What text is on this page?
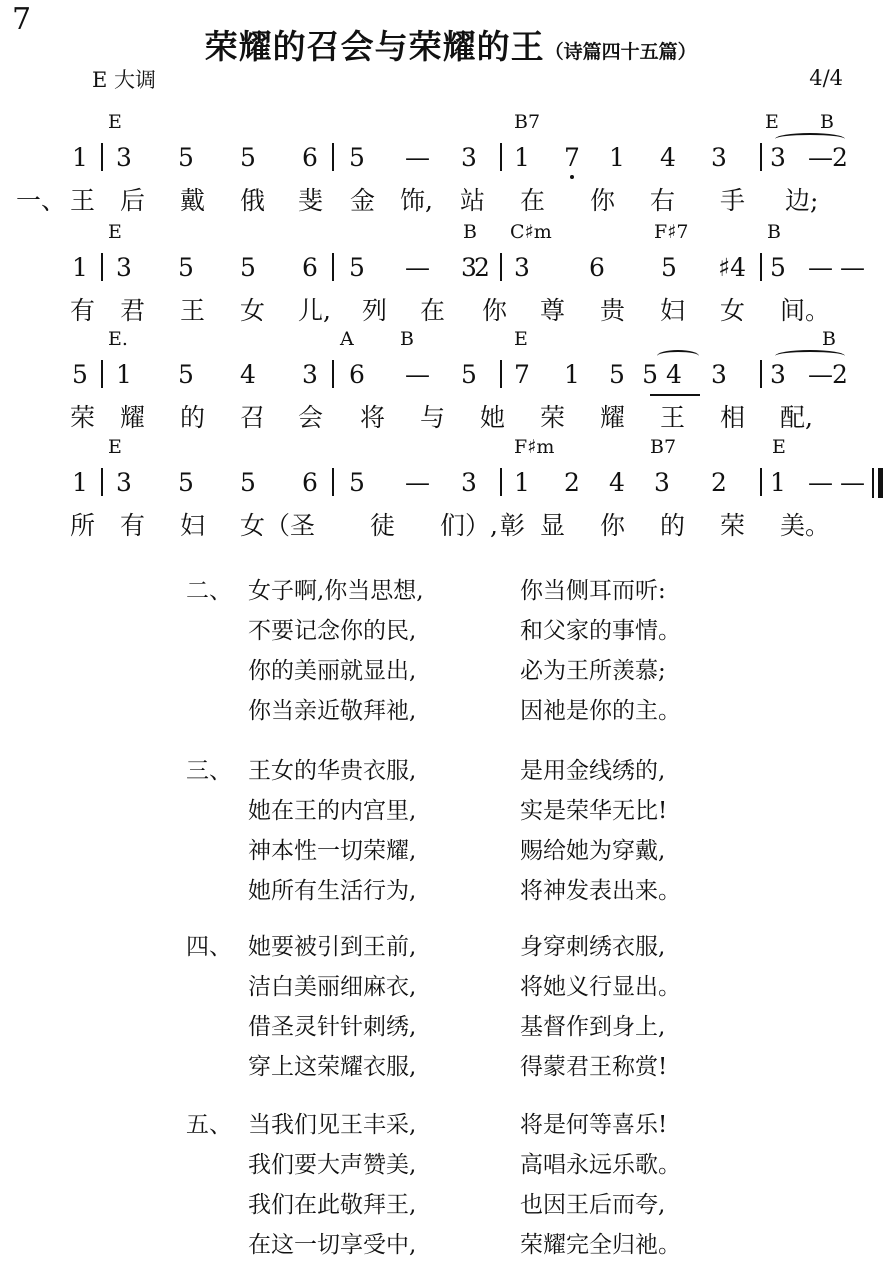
7

荣耀的召会与荣耀的王（诗篇四十五篇）

E 大调	4/4
E	B7	E B
1 3 5 5 6 5 — 3 1 7 1 4 3 3 — 2
一、 王 后 戴 俄 斐 金 饰, 站 在 你 右 手 边;
E	B C♯m	F♯7	B
1 3 5 5 6 5 — 3
2 3 6 5	♯4 5 — —
有 君 王 女 儿, 列 在 你 尊 贵 妇 女 间。
E.	A B	E	B
5 1 5 4 3 6 — 5 7 1 5 5 4 3 3 — 2
荣 耀 的 召 会 将 与 她 荣 耀 王 相 配,
E	F♯m	B7	E
1 3 5 5 6 5 — 3 1 2 4 3 2 1 — —
所 有 妇 女（圣 徒 们）, 彰 显 你 的 荣 美。
二、 女子啊,你当思想,	你当侧耳而听:
不要记念你的民,	和父家的事情。
你的美丽就显出,	必为王所羡慕;
你当亲近敬拜祂,	因祂是你的主。
三、 王女的华贵衣服,	是用金线绣的,
她在王的内宫里,	实是荣华无比!
神本性一切荣耀,	赐给她为穿戴,
她所有生活行为,	将神发表出来。
四、 她要被引到王前,	身穿刺绣衣服,
洁白美丽细麻衣,	将她义行显出。
借圣灵针针刺绣,	基督作到身上,
穿上这荣耀衣服,	得蒙君王称赏!
五、 当我们见王丰采,	将是何等喜乐!
我们要大声赞美,	高唱永远乐歌。
我们在此敬拜王,	也因王后而夸,
在这一切享受中,	荣耀完全归祂。
